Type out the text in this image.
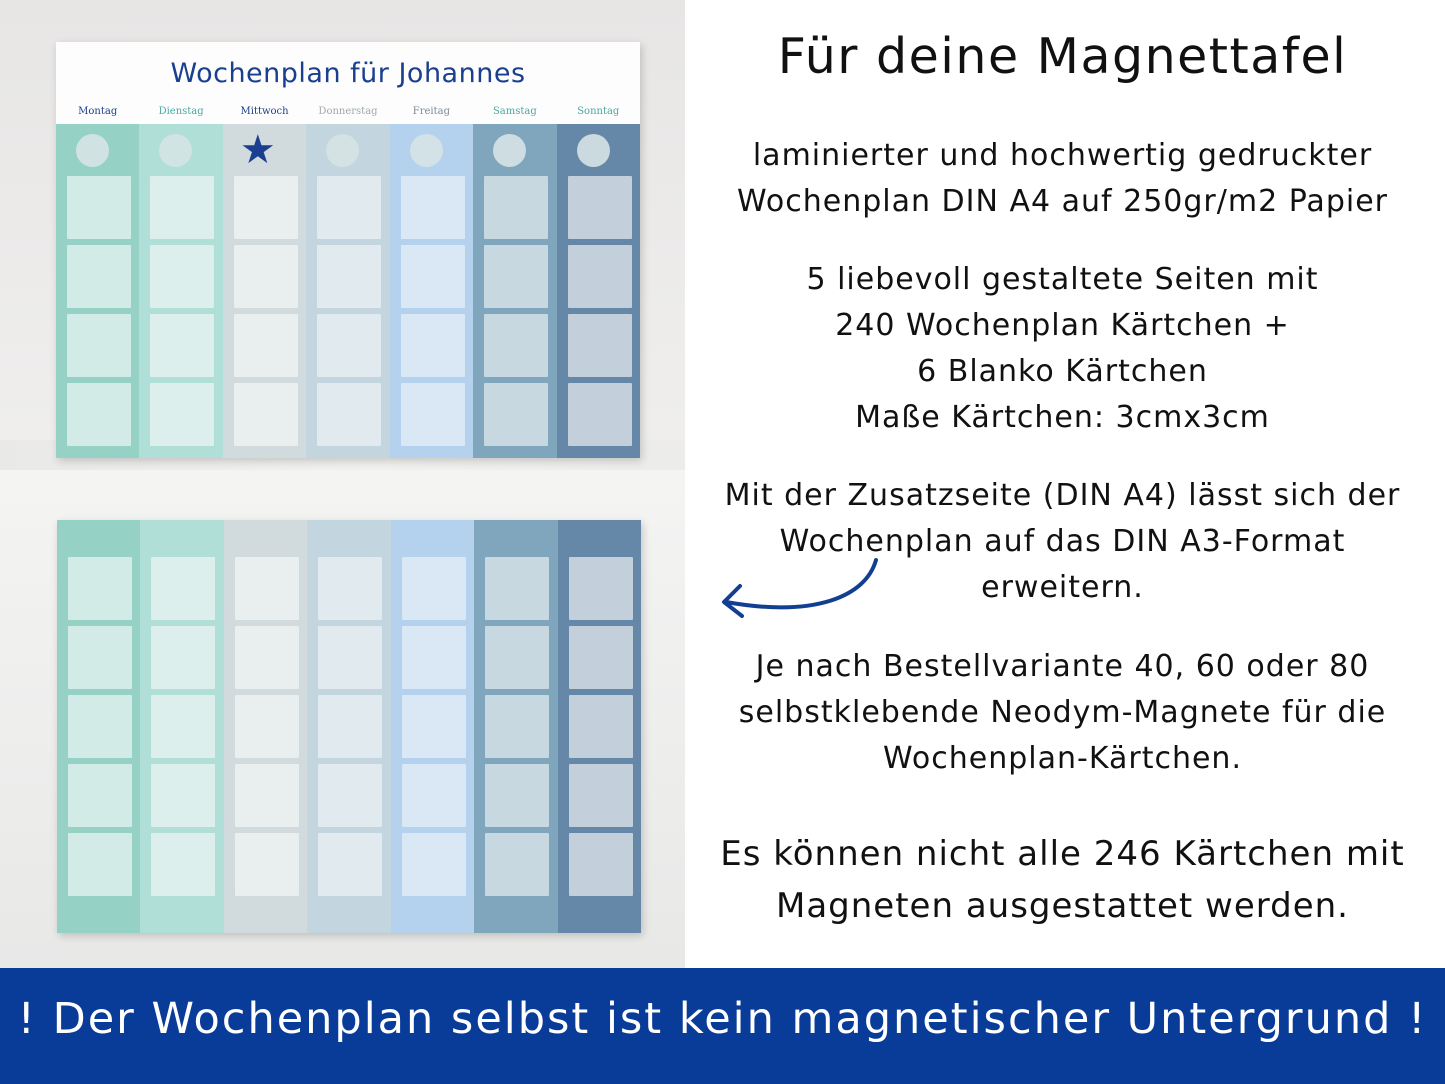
Wochenplan für Johannes
★
Montag	Dienstag	Mittwoch	Donnerstag	Freitag	Samstag	Sonntag
Für deine Magnettafel
laminierter und hochwertig gedruckter
Wochenplan DIN A4 auf 250gr/m2 Papier
5 liebevoll gestaltete Seiten mit
240 Wochenplan Kärtchen +
6 Blanko Kärtchen
Maße Kärtchen: 3cmx3cm
Mit der Zusatzseite (DIN A4) lässt sich der
Wochenplan auf das DIN A3-Format
erweitern.
Je nach Bestellvariante 40, 60 oder 80
selbstklebende Neodym-Magnete für die
Wochenplan-Kärtchen.
Es können nicht alle 246 Kärtchen mit
Magneten ausgestattet werden.
! Der Wochenplan selbst ist kein magnetischer Untergrund !
